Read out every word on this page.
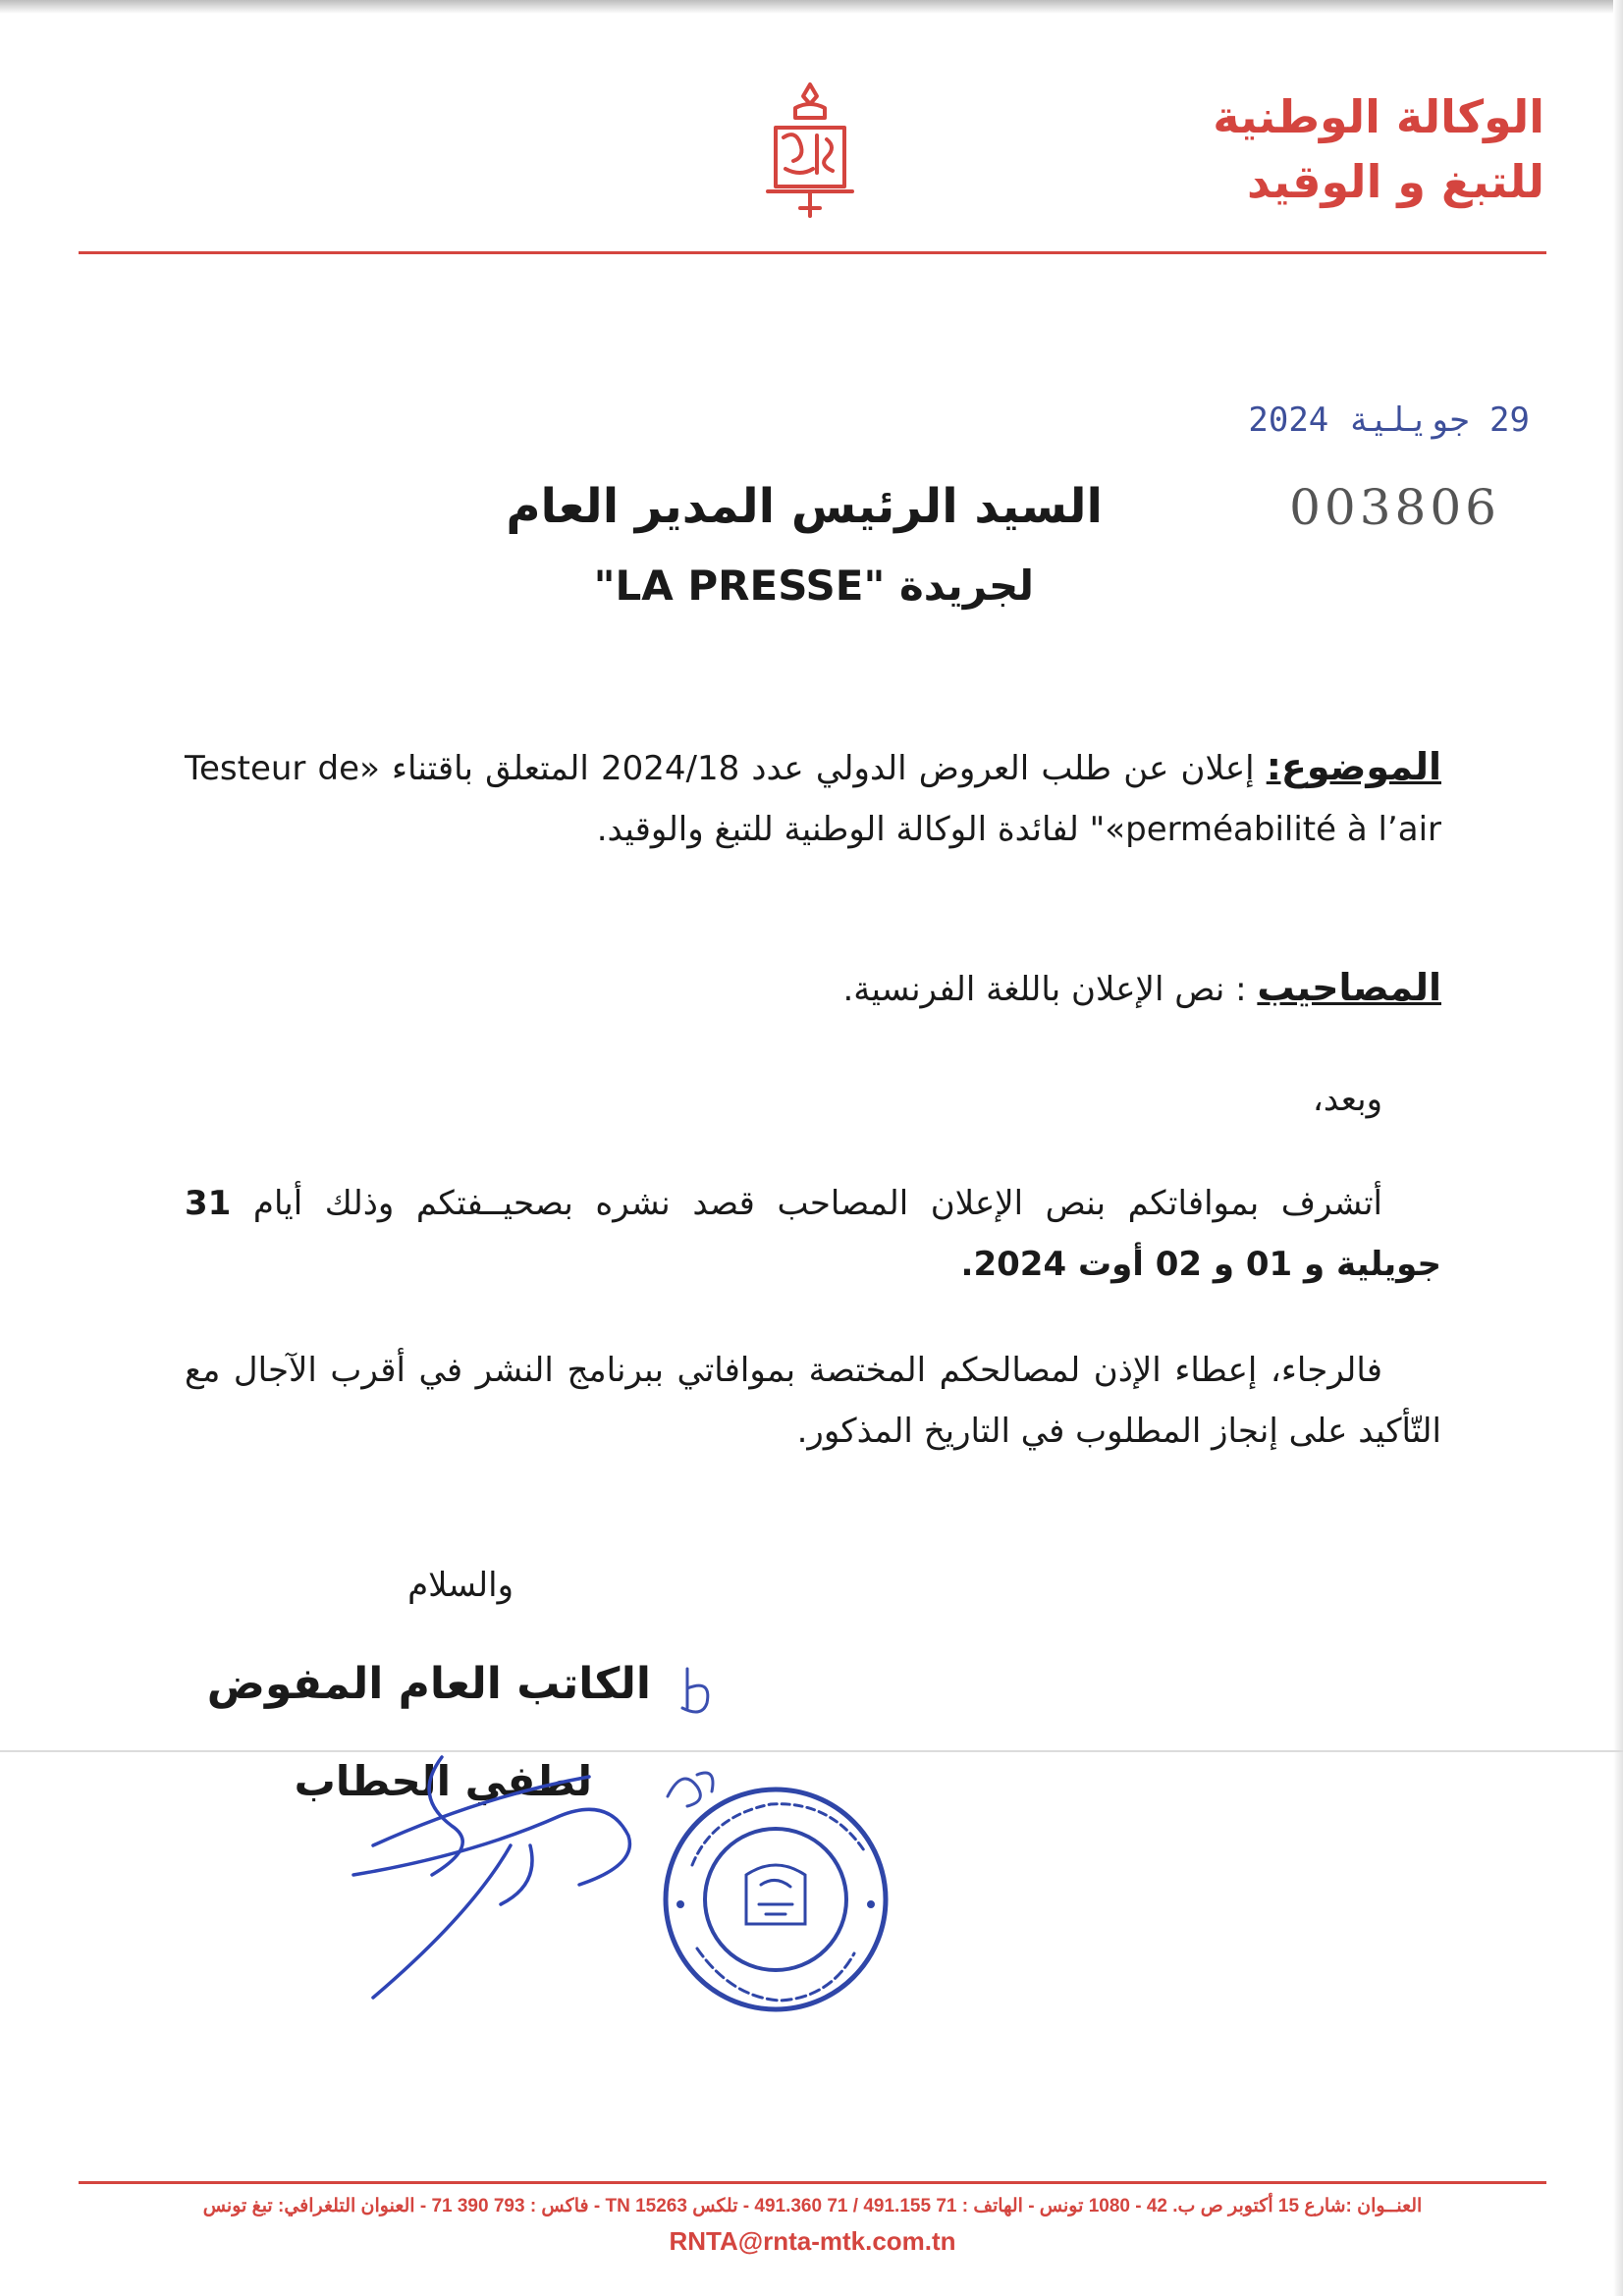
الوكالة الوطنية
للتبغ و الوقيد
29 جويلية 2024
003806
السيد الرئيس المدير العام
لجريدة "LA PRESSE"
الموضوع: إعلان عن طلب العروض الدولي عدد 2024/18 المتعلق باقتناء «Testeur de perméabilité à l’air»" لفائدة الوكالة الوطنية للتبغ والوقيد.
المصاحيب : نص الإعلان باللغة الفرنسية.
وبعد،
أتشرف بموافاتكم بنص الإعلان المصاحب قصد نشره بصحيــفتكم وذلك أيام 31 جويلية و 01 و 02 أوت 2024.
فالرجاء، إعطاء الإذن لمصالحكم المختصة بموافاتي ببرنامج النشر في أقرب الآجال مع التّأكيد على إنجاز المطلوب في التاريخ المذكور.
والسلام
الكاتب العام المفوض
لطفي الحطاب
العنــوان :شارع 15 أكتوبر ص ب. 42 - 1080 تونس - الهاتف : 71 491.155 / 71 491.360 - تلكس TN 15263 - فاكس : 793 390 71 - العنوان التلغرافي: تبغ تونس
RNTA@rnta-mtk.com.tn
